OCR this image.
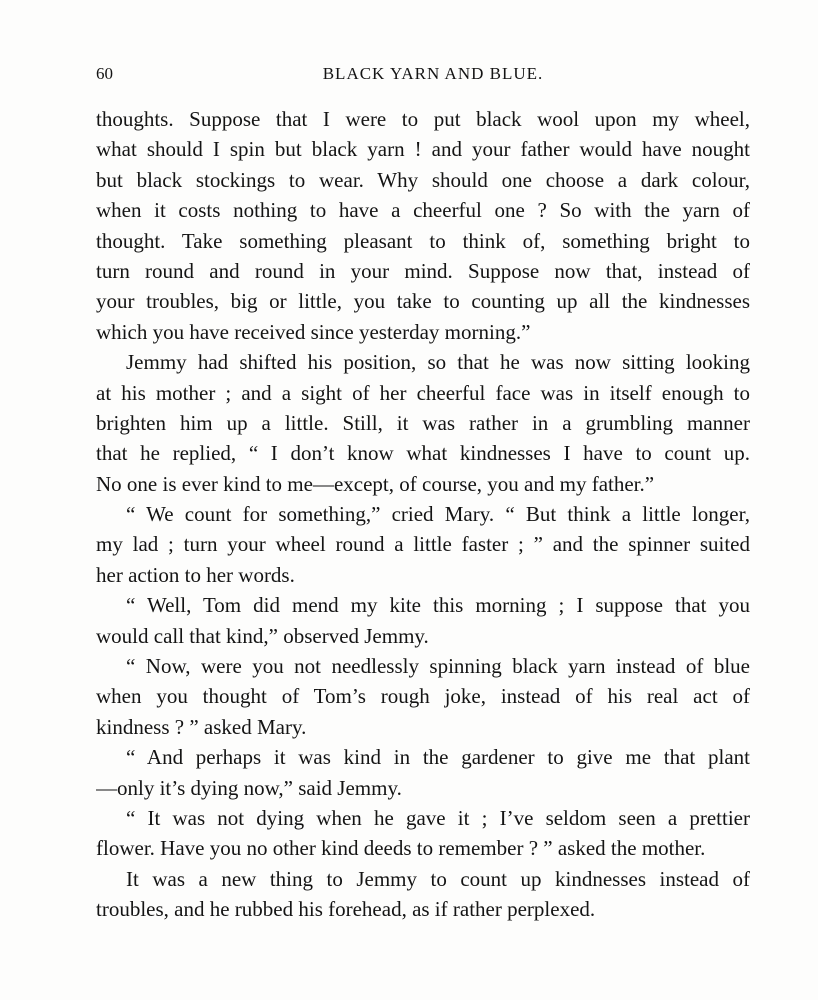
60	BLACK YARN AND BLUE.
thoughts. Suppose that I were to put black wool upon my wheel,
what should I spin but black yarn ! and your father would have nought
but black stockings to wear. Why should one choose a dark colour,
when it costs nothing to have a cheerful one ? So with the yarn of
thought. Take something pleasant to think of, something bright to
turn round and round in your mind. Suppose now that, instead of
your troubles, big or little, you take to counting up all the kindnesses
which you have received since yesterday morning.”
Jemmy had shifted his position, so that he was now sitting looking
at his mother ; and a sight of her cheerful face was in itself enough to
brighten him up a little. Still, it was rather in a grumbling manner
that he replied, “ I don’t know what kindnesses I have to count up.
No one is ever kind to me—except, of course, you and my father.”
“ We count for something,” cried Mary. “ But think a little longer,
my lad ; turn your wheel round a little faster ; ” and the spinner suited
her action to her words.
“ Well, Tom did mend my kite this morning ; I suppose that you
would call that kind,” observed Jemmy.
“ Now, were you not needlessly spinning black yarn instead of blue
when you thought of Tom’s rough joke, instead of his real act of
kindness ? ” asked Mary.
“ And perhaps it was kind in the gardener to give me that plant
—only it’s dying now,” said Jemmy.
“ It was not dying when he gave it ; I’ve seldom seen a prettier
flower. Have you no other kind deeds to remember ? ” asked the mother.
It was a new thing to Jemmy to count up kindnesses instead of
troubles, and he rubbed his forehead, as if rather perplexed.
